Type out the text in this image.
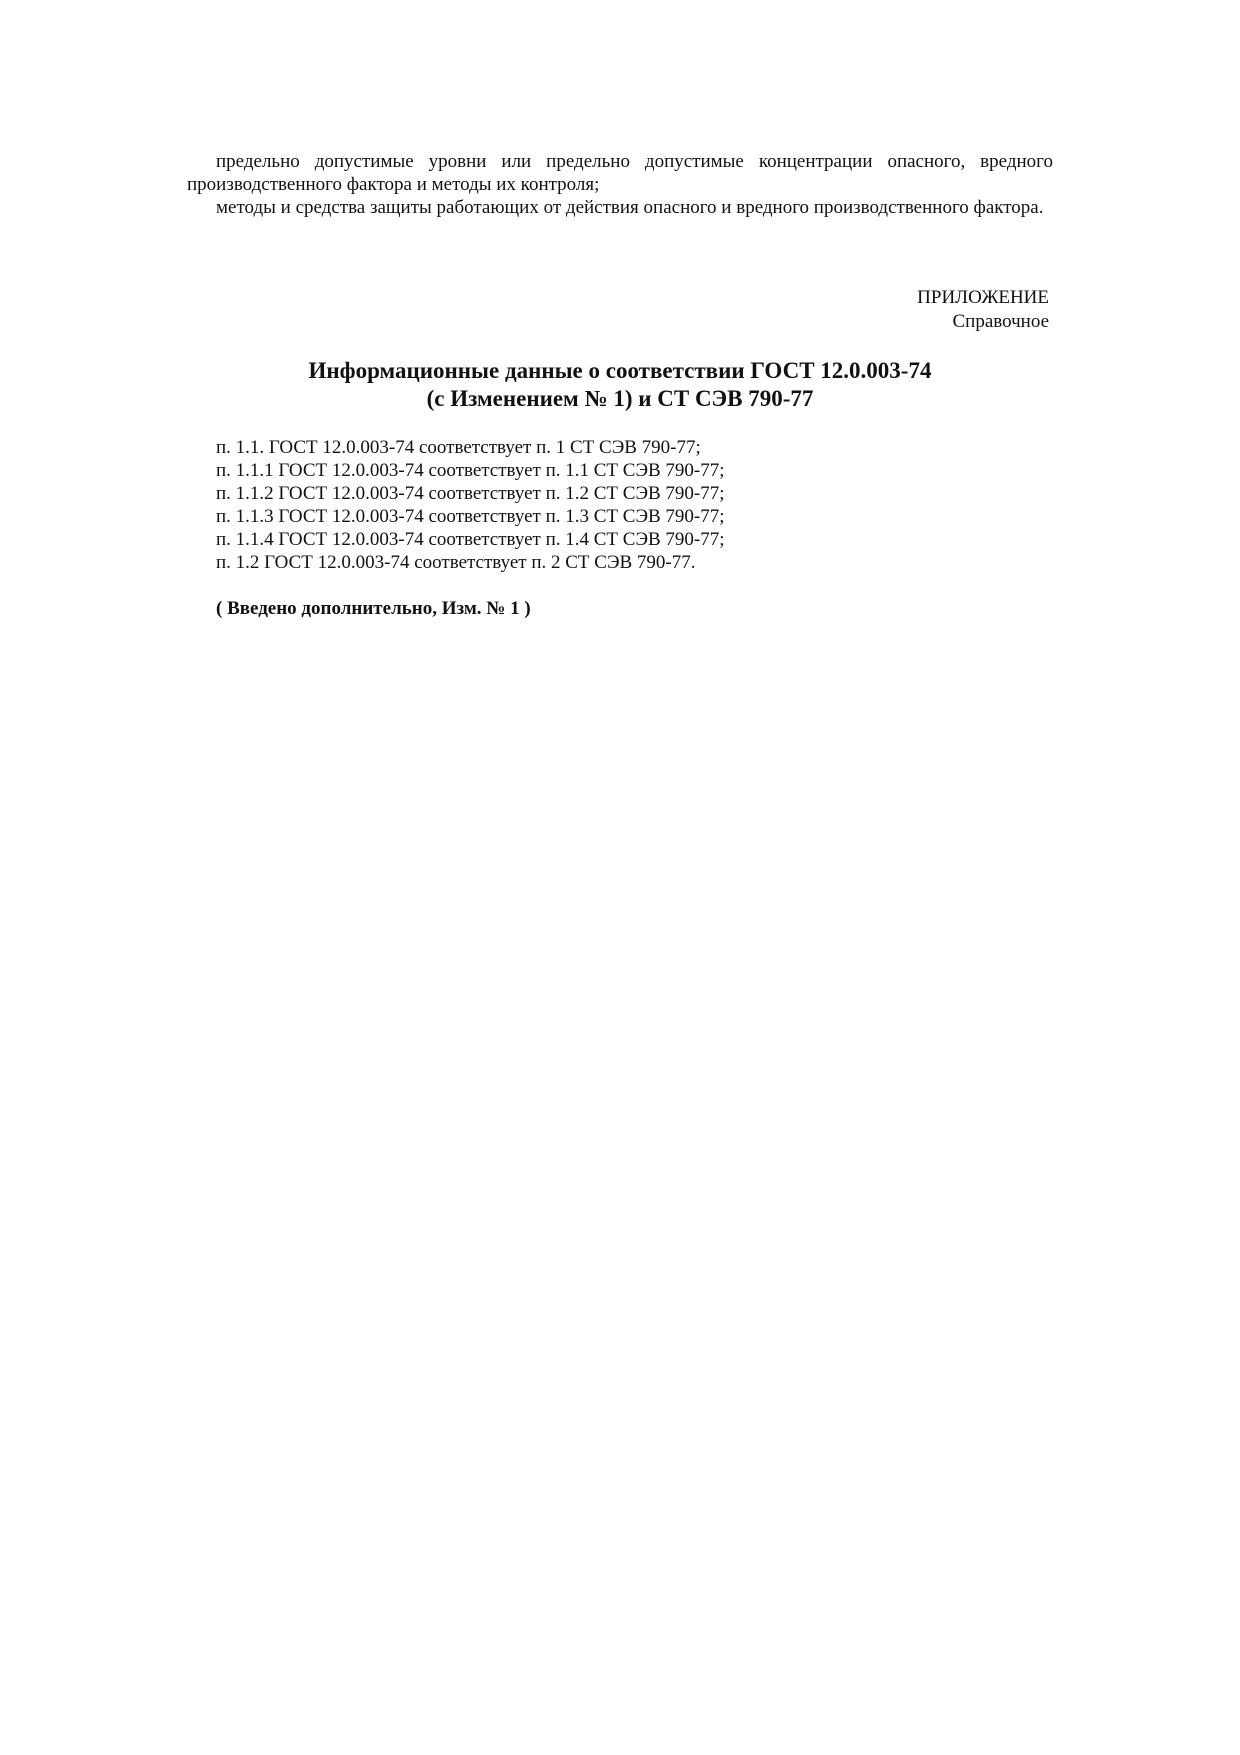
предельно допустимые уровни или предельно допустимые концентрации опасного, вредного производственного фактора и методы их контроля;

методы и средства защиты работающих от действия опасного и вредного производственного фактора.

ПРИЛОЖЕНИЕ
Справочное
Информационные данные о соответствии ГОСТ 12.0.003-74
(с Изменением № 1) и СТ СЭВ 790-77
п. 1.1. ГОСТ 12.0.003-74 соответствует п. 1 СТ СЭВ 790-77;
п. 1.1.1 ГОСТ 12.0.003-74 соответствует п. 1.1 СТ СЭВ 790-77;
п. 1.1.2 ГОСТ 12.0.003-74 соответствует п. 1.2 СТ СЭВ 790-77;
п. 1.1.3 ГОСТ 12.0.003-74 соответствует п. 1.3 СТ СЭВ 790-77;
п. 1.1.4 ГОСТ 12.0.003-74 соответствует п. 1.4 СТ СЭВ 790-77;
п. 1.2 ГОСТ 12.0.003-74 соответствует п. 2 СТ СЭВ 790-77.
( Введено дополнительно, Изм. № 1 )
